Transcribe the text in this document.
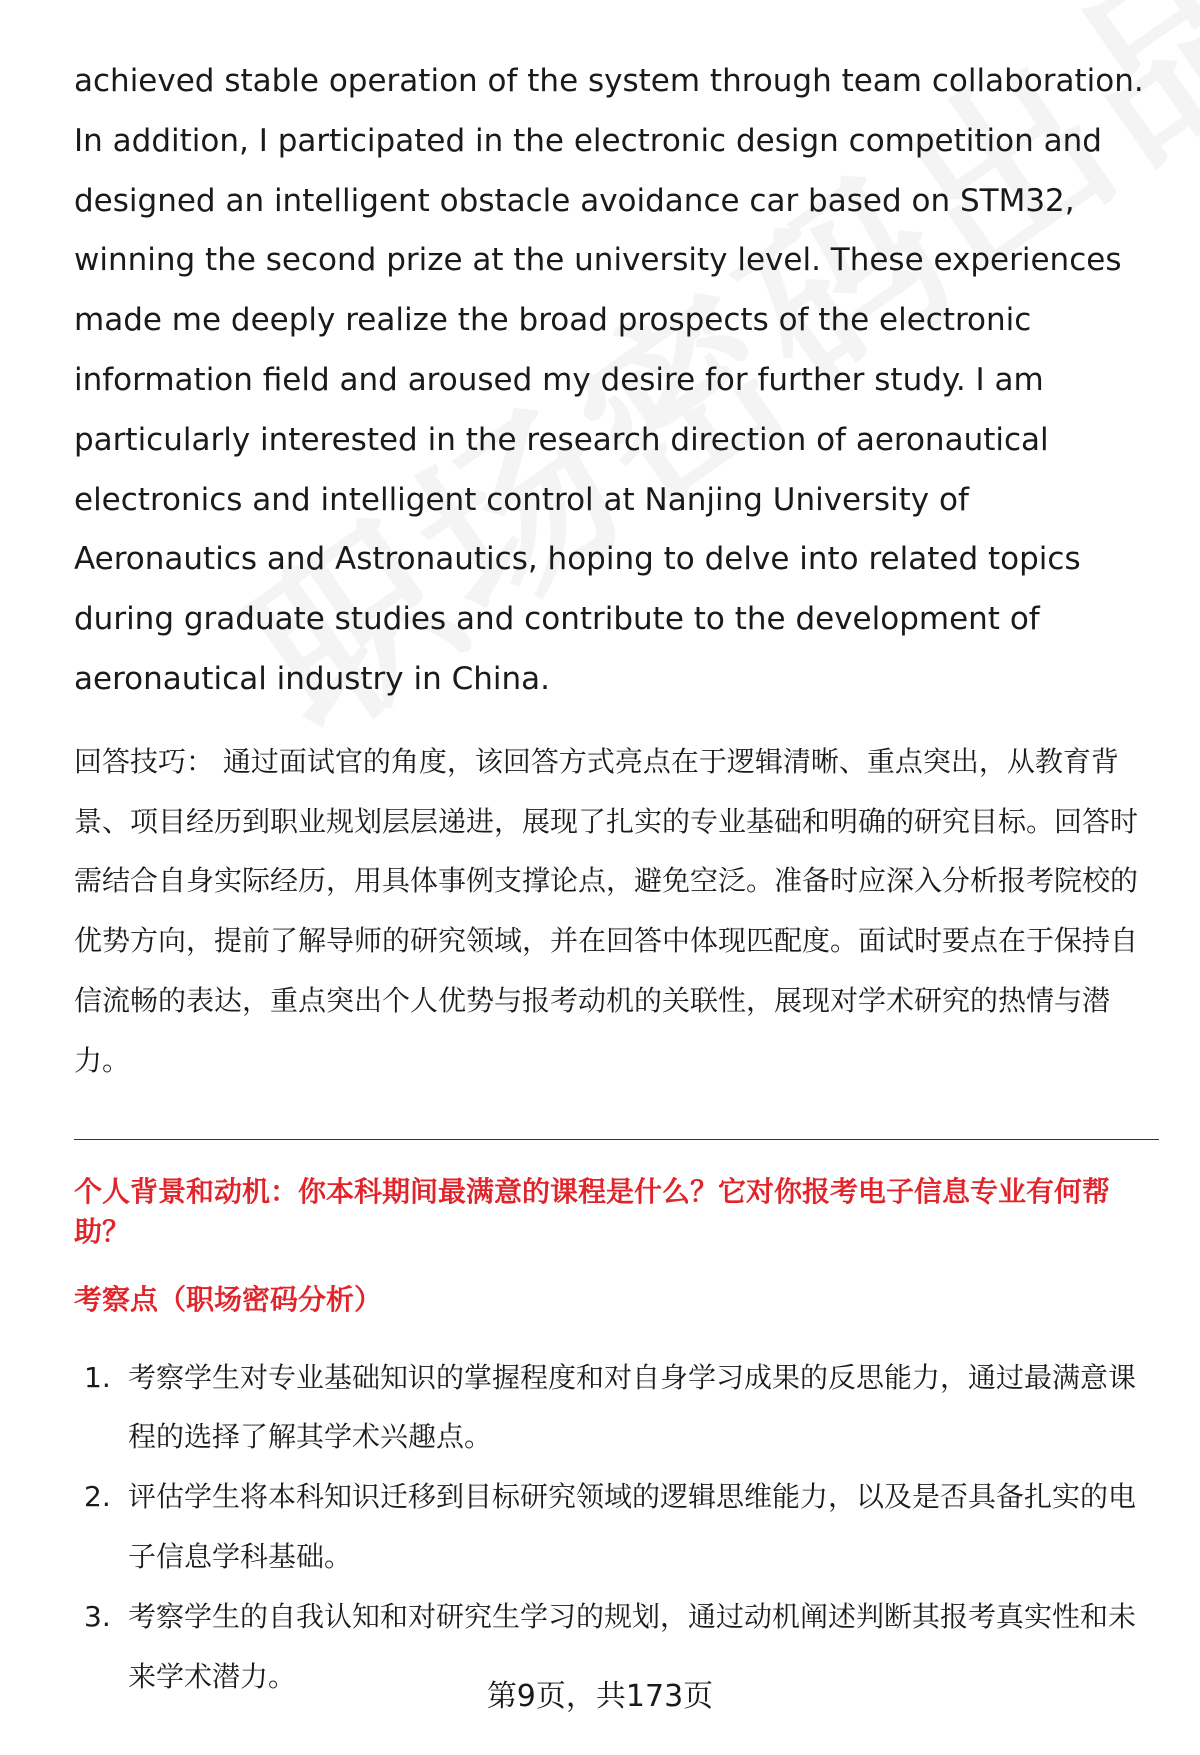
achieved stable operation of the system through team collaboration. In addition, I participated in the electronic design competition and designed an intelligent obstacle avoidance car based on STM32, winning the second prize at the university level. These experiences made me deeply realize the broad prospects of the electronic information field and aroused my desire for further study. I am particularly interested in the research direction of aeronautical electronics and intelligent control at Nanjing University of Aeronautics and Astronautics, hoping to delve into related topics during graduate studies and contribute to the development of aeronautical industry in China.

回答技巧： 通过面试官的角度，该回答方式亮点在于逻辑清晰、重点突出，从教育背景、项目经历到职业规划层层递进，展现了扎实的专业基础和明确的研究目标。回答时需结合自身实际经历，用具体事例支撑论点，避免空泛。准备时应深入分析报考院校的优势方向，提前了解导师的研究领域，并在回答中体现匹配度。面试时要点在于保持自信流畅的表达，重点突出个人优势与报考动机的关联性，展现对学术研究的热情与潜力。

个人背景和动机：你本科期间最满意的课程是什么？它对你报考电子信息专业有何帮助？
考察点（职场密码分析）
1. 考察学生对专业基础知识的掌握程度和对自身学习成果的反思能力，通过最满意课程的选择了解其学术兴趣点。
2. 评估学生将本科知识迁移到目标研究领域的逻辑思维能力，以及是否具备扎实的电子信息学科基础。
3. 考察学生的自我认知和对研究生学习的规划，通过动机阐述判断其报考真实性和未来学术潜力。
第9页，共173页
